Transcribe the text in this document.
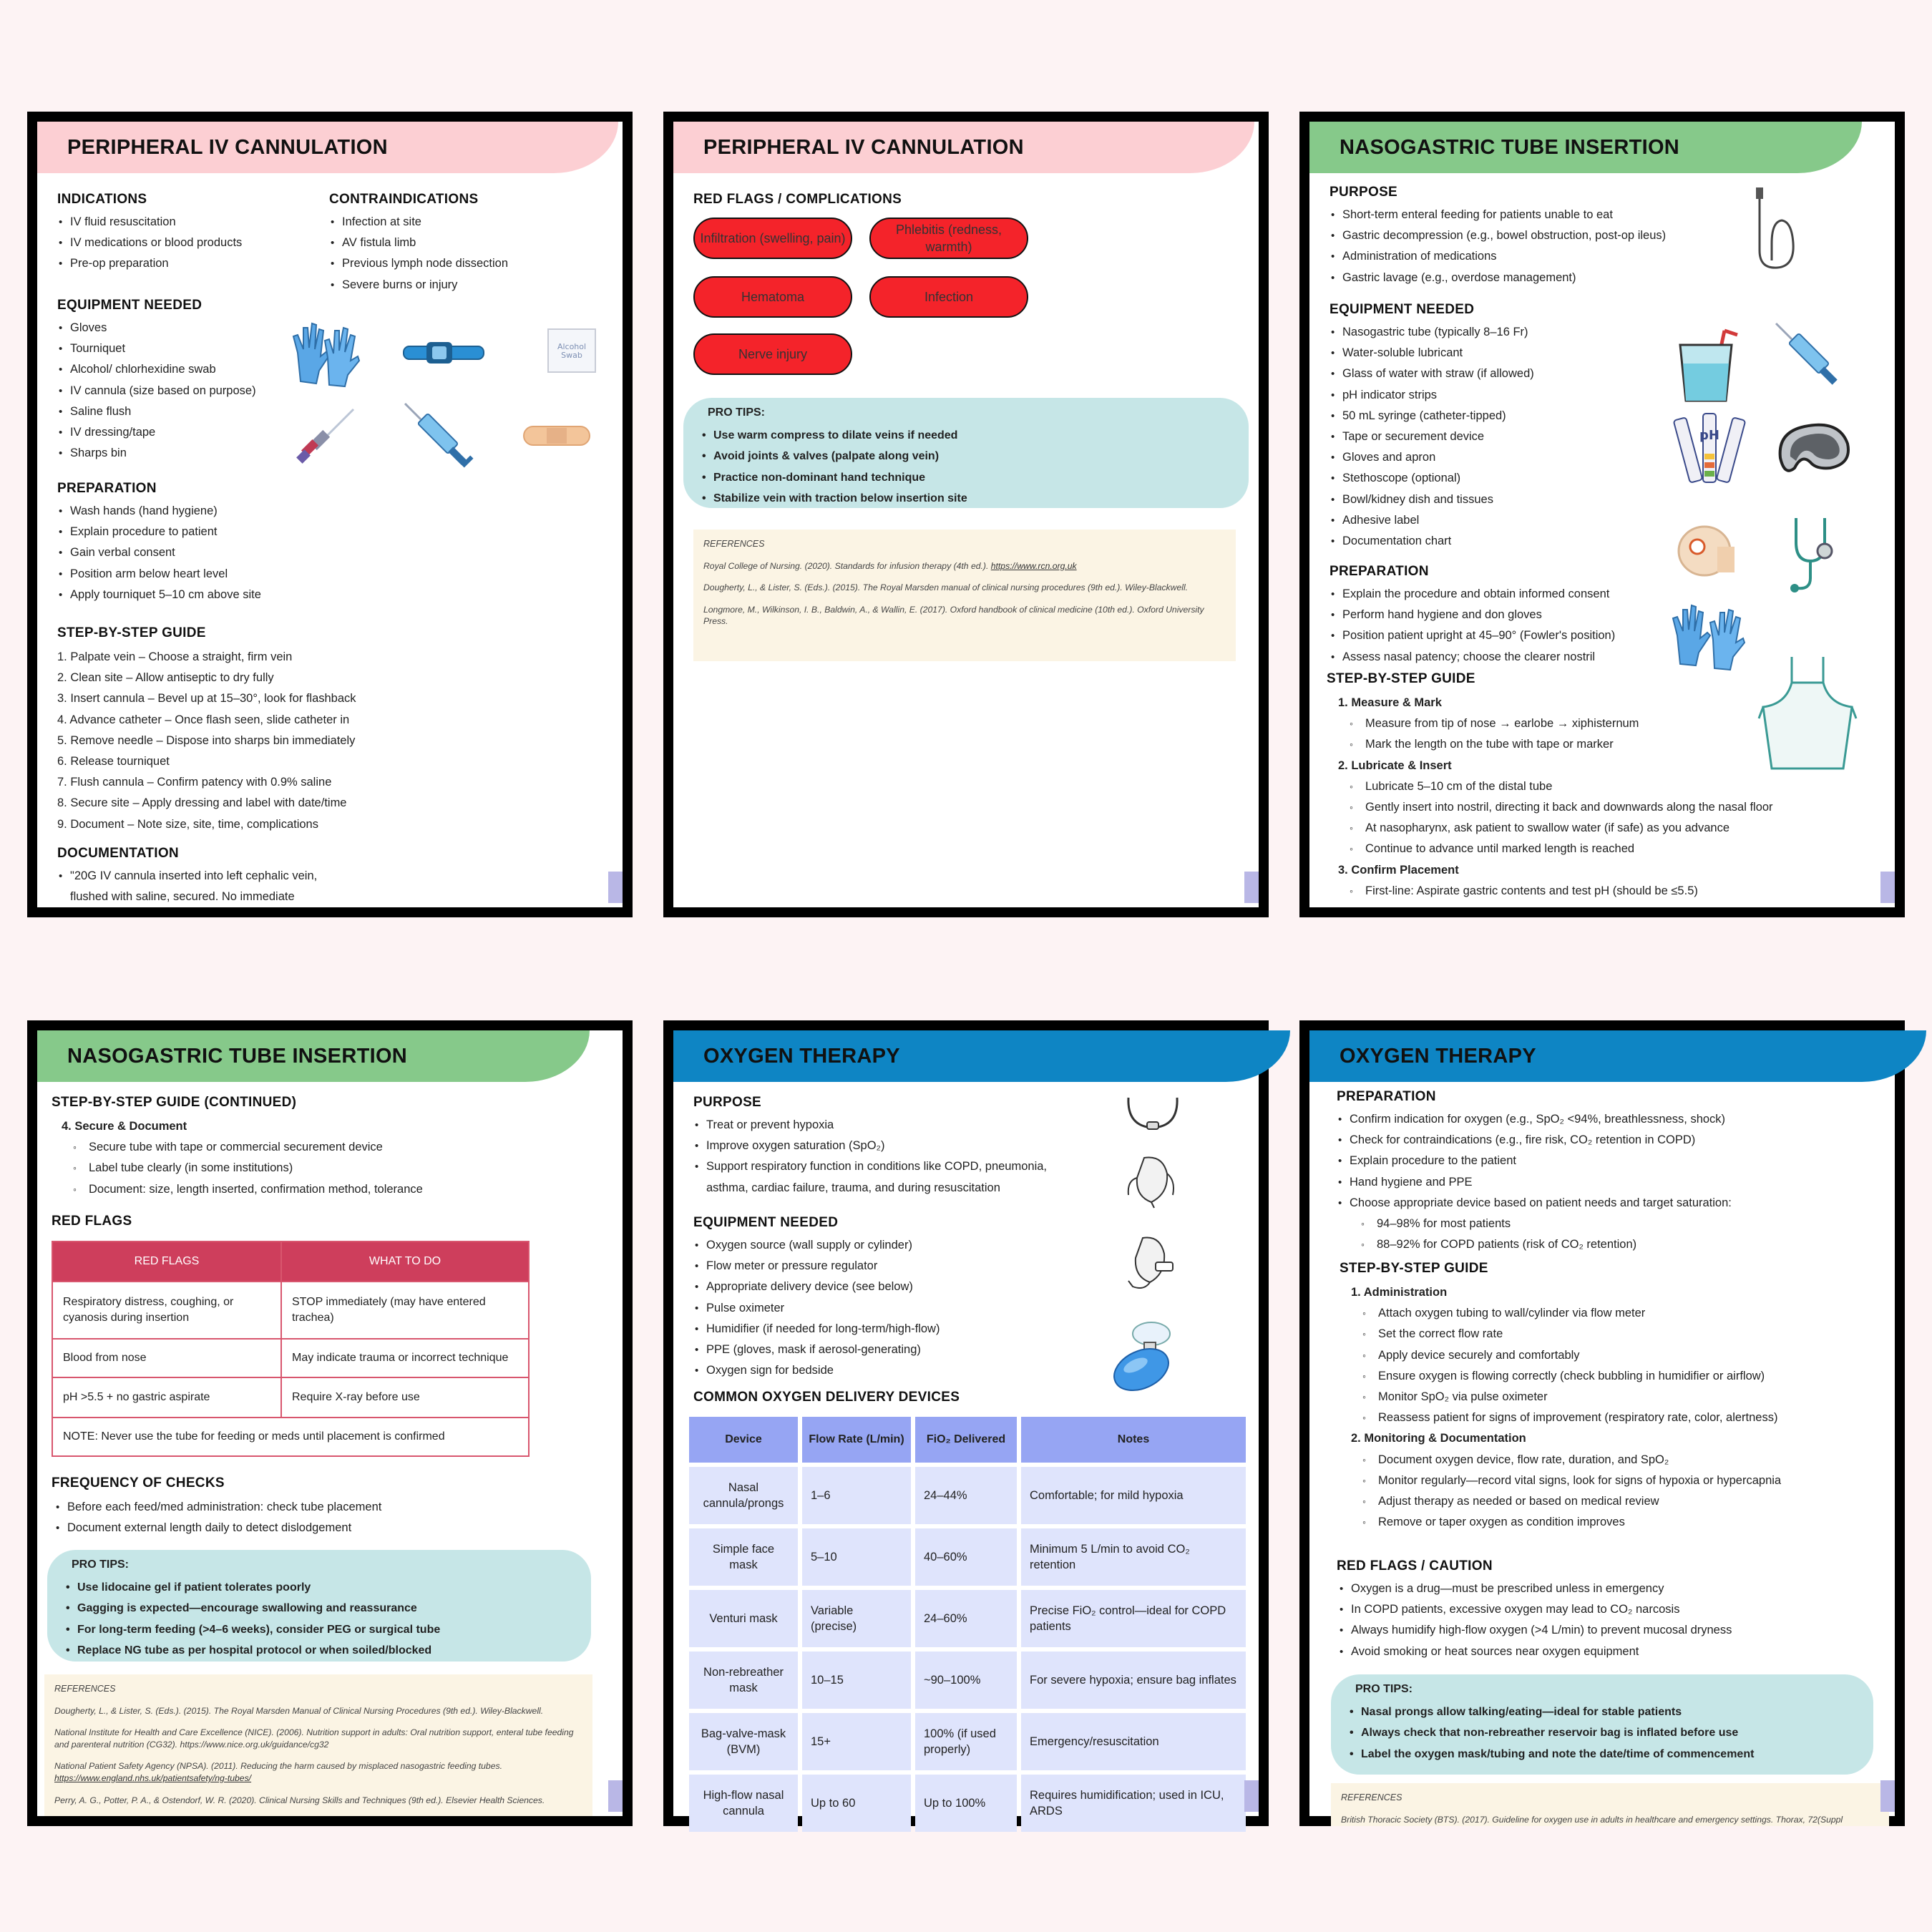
PERIPHERAL IV CANNULATION
INDICATIONS
• IV fluid resuscitation
• IV medications or blood products
• Pre-op preparation
CONTRAINDICATIONS
• Infection at site
• AV fistula limb
• Previous lymph node dissection
• Severe burns or injury
EQUIPMENT NEEDED
• Gloves
• Tourniquet
• Alcohol/ chlorhexidine swab
• IV cannula (size based on purpose)
• Saline flush
• IV dressing/tape
• Sharps bin
Alcohol
Swab
PREPARATION
• Wash hands (hand hygiene)
• Explain procedure to patient
• Gain verbal consent
• Position arm below heart level
• Apply tourniquet 5–10 cm above site
STEP-BY-STEP GUIDE
1. Palpate vein – Choose a straight, firm vein
2. Clean site – Allow antiseptic to dry fully
3. Insert cannula – Bevel up at 15–30°, look for flashback
4. Advance catheter – Once flash seen, slide catheter in
5. Remove needle – Dispose into sharps bin immediately
6. Release tourniquet
7. Flush cannula – Confirm patency with 0.9% saline
8. Secure site – Apply dressing and label with date/time
9. Document – Note size, site, time, complications
DOCUMENTATION
• "20G IV cannula inserted into left cephalic vein, flushed with saline, secured. No immediate
PERIPHERAL IV CANNULATION
RED FLAGS / COMPLICATIONS
Infiltration (swelling, pain)
Phlebitis (redness, warmth)
Hematoma	Infection
Nerve injury
PRO TIPS:
• Use warm compress to dilate veins if needed
• Avoid joints & valves (palpate along vein)
• Practice non-dominant hand technique
• Stabilize vein with traction below insertion site
REFERENCES

Royal College of Nursing. (2020). Standards for infusion therapy (4th ed.). https://www.rcn.org.uk

Dougherty, L., & Lister, S. (Eds.). (2015). The Royal Marsden manual of clinical nursing procedures (9th ed.). Wiley-Blackwell.

Longmore, M., Wilkinson, I. B., Baldwin, A., & Wallin, E. (2017). Oxford handbook of clinical medicine (10th ed.). Oxford University Press.

NASOGASTRIC TUBE INSERTION
PURPOSE
• Short-term enteral feeding for patients unable to eat
• Gastric decompression (e.g., bowel obstruction, post-op ileus)
• Administration of medications
• Gastric lavage (e.g., overdose management)
EQUIPMENT NEEDED
• Nasogastric tube (typically 8–16 Fr)
• Water-soluble lubricant
• Glass of water with straw (if allowed)
• pH indicator strips
• 50 mL syringe (catheter-tipped)
• Tape or securement device
• Gloves and apron
• Stethoscope (optional)
• Bowl/kidney dish and tissues
• Adhesive label
• Documentation chart
pH
PREPARATION
• Explain the procedure and obtain informed consent
• Perform hand hygiene and don gloves
• Position patient upright at 45–90° (Fowler's position)
• Assess nasal patency; choose the clearer nostril
STEP-BY-STEP GUIDE
1. Measure & Mark
◦ Measure from tip of nose → earlobe → xiphisternum
◦ Mark the length on the tube with tape or marker
2. Lubricate & Insert
◦ Lubricate 5–10 cm of the distal tube
◦ Gently insert into nostril, directing it back and downwards along the nasal floor
◦ At nasopharynx, ask patient to swallow water (if safe) as you advance
◦ Continue to advance until marked length is reached
3. Confirm Placement
◦ First-line: Aspirate gastric contents and test pH (should be ≤5.5)
NASOGASTRIC TUBE INSERTION
STEP-BY-STEP GUIDE (CONTINUED)
4. Secure & Document
◦ Secure tube with tape or commercial securement device
◦ Label tube clearly (in some institutions)
◦ Document: size, length inserted, confirmation method, tolerance
RED FLAGS
RED FLAGS	WHAT TO DO
Respiratory distress, coughing, or cyanosis during insertion	STOP immediately (may have entered trachea)
Blood from nose	May indicate trauma or incorrect technique
pH >5.5 + no gastric aspirate	Require X-ray before use
NOTE: Never use the tube for feeding or meds until placement is confirmed	
FREQUENCY OF CHECKS
• Before each feed/med administration: check tube placement
• Document external length daily to detect dislodgement
PRO TIPS:
• Use lidocaine gel if patient tolerates poorly
• Gagging is expected—encourage swallowing and reassurance
• For long-term feeding (>4–6 weeks), consider PEG or surgical tube
• Replace NG tube as per hospital protocol or when soiled/blocked
REFERENCES

Dougherty, L., & Lister, S. (Eds.). (2015). The Royal Marsden Manual of Clinical Nursing Procedures (9th ed.). Wiley-Blackwell.

National Institute for Health and Care Excellence (NICE). (2006). Nutrition support in adults: Oral nutrition support, enteral tube feeding and parenteral nutrition (CG32). https://www.nice.org.uk/guidance/cg32

National Patient Safety Agency (NPSA). (2011). Reducing the harm caused by misplaced nasogastric feeding tubes.
https://www.england.nhs.uk/patientsafety/ng-tubes/

Perry, A. G., Potter, P. A., & Ostendorf, W. R. (2020). Clinical Nursing Skills and Techniques (9th ed.). Elsevier Health Sciences.

OXYGEN THERAPY
PURPOSE
• Treat or prevent hypoxia
• Improve oxygen saturation (SpO₂)
• Support respiratory function in conditions like COPD, pneumonia, asthma, cardiac failure, trauma, and during resuscitation
EQUIPMENT NEEDED
• Oxygen source (wall supply or cylinder)
• Flow meter or pressure regulator
• Appropriate delivery device (see below)
• Pulse oximeter
• Humidifier (if needed for long-term/high-flow)
• PPE (gloves, mask if aerosol-generating)
• Oxygen sign for bedside
COMMON OXYGEN DELIVERY DEVICES
Device	Flow Rate (L/min)	FiO₂ Delivered	Notes
Nasal cannula/prongs	1–6	24–44%	Comfortable; for mild hypoxia
Simple face mask	5–10	40–60%	Minimum 5 L/min to avoid CO₂ retention
Venturi mask	Variable (precise)	24–60%	Precise FiO₂ control—ideal for COPD patients
Non-rebreather mask	10–15	~90–100%	For severe hypoxia; ensure bag inflates
Bag-valve-mask (BVM)	15+	100% (if used properly)	Emergency/resuscitation
High-flow nasal cannula	Up to 60	Up to 100%	Requires humidification; used in ICU, ARDS
OXYGEN THERAPY
PREPARATION
• Confirm indication for oxygen (e.g., SpO₂ <94%, breathlessness, shock)
• Check for contraindications (e.g., fire risk, CO₂ retention in COPD)
• Explain procedure to the patient
• Hand hygiene and PPE
• Choose appropriate device based on patient needs and target saturation:
◦ 94–98% for most patients
◦ 88–92% for COPD patients (risk of CO₂ retention)
STEP-BY-STEP GUIDE
1. Administration
◦ Attach oxygen tubing to wall/cylinder via flow meter
◦ Set the correct flow rate
◦ Apply device securely and comfortably
◦ Ensure oxygen is flowing correctly (check bubbling in humidifier or airflow)
◦ Monitor SpO₂ via pulse oximeter
◦ Reassess patient for signs of improvement (respiratory rate, color, alertness)
2. Monitoring & Documentation
◦ Document oxygen device, flow rate, duration, and SpO₂
◦ Monitor regularly—record vital signs, look for signs of hypoxia or hypercapnia
◦ Adjust therapy as needed or based on medical review
◦ Remove or taper oxygen as condition improves
RED FLAGS / CAUTION
• Oxygen is a drug—must be prescribed unless in emergency
• In COPD patients, excessive oxygen may lead to CO₂ narcosis
• Always humidify high-flow oxygen (>4 L/min) to prevent mucosal dryness
• Avoid smoking or heat sources near oxygen equipment
PRO TIPS:
• Nasal prongs allow talking/eating—ideal for stable patients
• Always check that non-rebreather reservoir bag is inflated before use
• Label the oxygen mask/tubing and note the date/time of commencement
REFERENCES

British Thoracic Society (BTS). (2017). Guideline for oxygen use in adults in healthcare and emergency settings. Thorax, 72(Suppl
